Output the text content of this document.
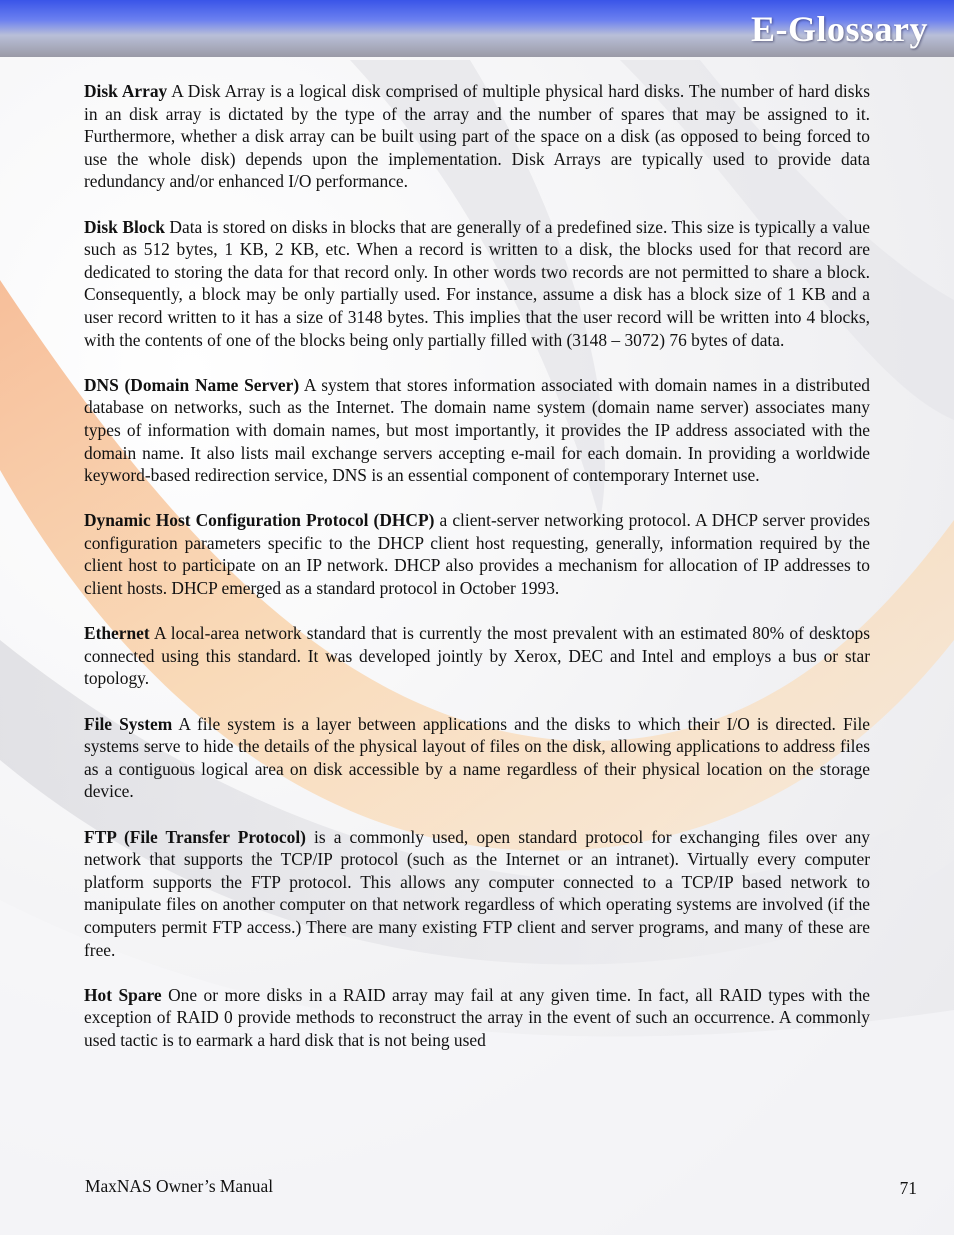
E-Glossary

Disk Array A Disk Array is a logical disk comprised of multiple physical hard disks. The number of hard disks in an disk array is dictated by the type of the array and the number of spares that may be assigned to it. Furthermore, whether a disk array can be built using part of the space on a disk (as opposed to being forced to use the whole disk) depends upon the implementation. Disk Arrays are typically used to provide data redundancy and/or enhanced I/O performance.

Disk Block Data is stored on disks in blocks that are generally of a predefined size. This size is typically a value such as 512 bytes, 1 KB, 2 KB, etc. When a record is written to a disk, the blocks used for that record are dedicated to storing the data for that record only. In other words two records are not permitted to share a block. Consequently, a block may be only partially used. For instance, assume a disk has a block size of 1 KB and a user record written to it has a size of 3148 bytes. This implies that the user record will be written into 4 blocks, with the contents of one of the blocks being only partially filled with (3148 – 3072) 76 bytes of data.

DNS (Domain Name Server) A system that stores information associated with domain names in a distributed database on networks, such as the Internet. The domain name system (domain name server) associates many types of information with domain names, but most importantly, it provides the IP address associated with the domain name. It also lists mail exchange servers accepting e-mail for each domain. In providing a worldwide keyword-based redirection service, DNS is an essential component of contemporary Internet use.

Dynamic Host Configuration Protocol (DHCP) a client-server networking protocol. A DHCP server provides configuration parameters specific to the DHCP client host requesting, generally, information required by the client host to participate on an IP network. DHCP also provides a mechanism for allocation of IP addresses to client hosts. DHCP emerged as a standard protocol in October 1993.

Ethernet A local-area network standard that is currently the most prevalent with an estimated 80% of desktops connected using this standard. It was developed jointly by Xerox, DEC and Intel and employs a bus or star topology.

File System A file system is a layer between applications and the disks to which their I/O is directed. File systems serve to hide the details of the physical layout of files on the disk, allowing applications to address files as a contiguous logical area on disk accessible by a name regardless of their physical location on the storage device.

FTP (File Transfer Protocol) is a commonly used, open standard protocol for exchanging files over any network that supports the TCP/IP protocol (such as the Internet or an intranet). Virtually every computer platform supports the FTP protocol. This allows any computer connected to a TCP/IP based network to manipulate files on another computer on that network regardless of which operating systems are involved (if the computers permit FTP access.) There are many existing FTP client and server programs, and many of these are free.

Hot Spare One or more disks in a RAID array may fail at any given time. In fact, all RAID types with the exception of RAID 0 provide methods to reconstruct the array in the event of such an occurrence. A commonly used tactic is to earmark a hard disk that is not being used

MaxNAS Owner’s Manual	71
